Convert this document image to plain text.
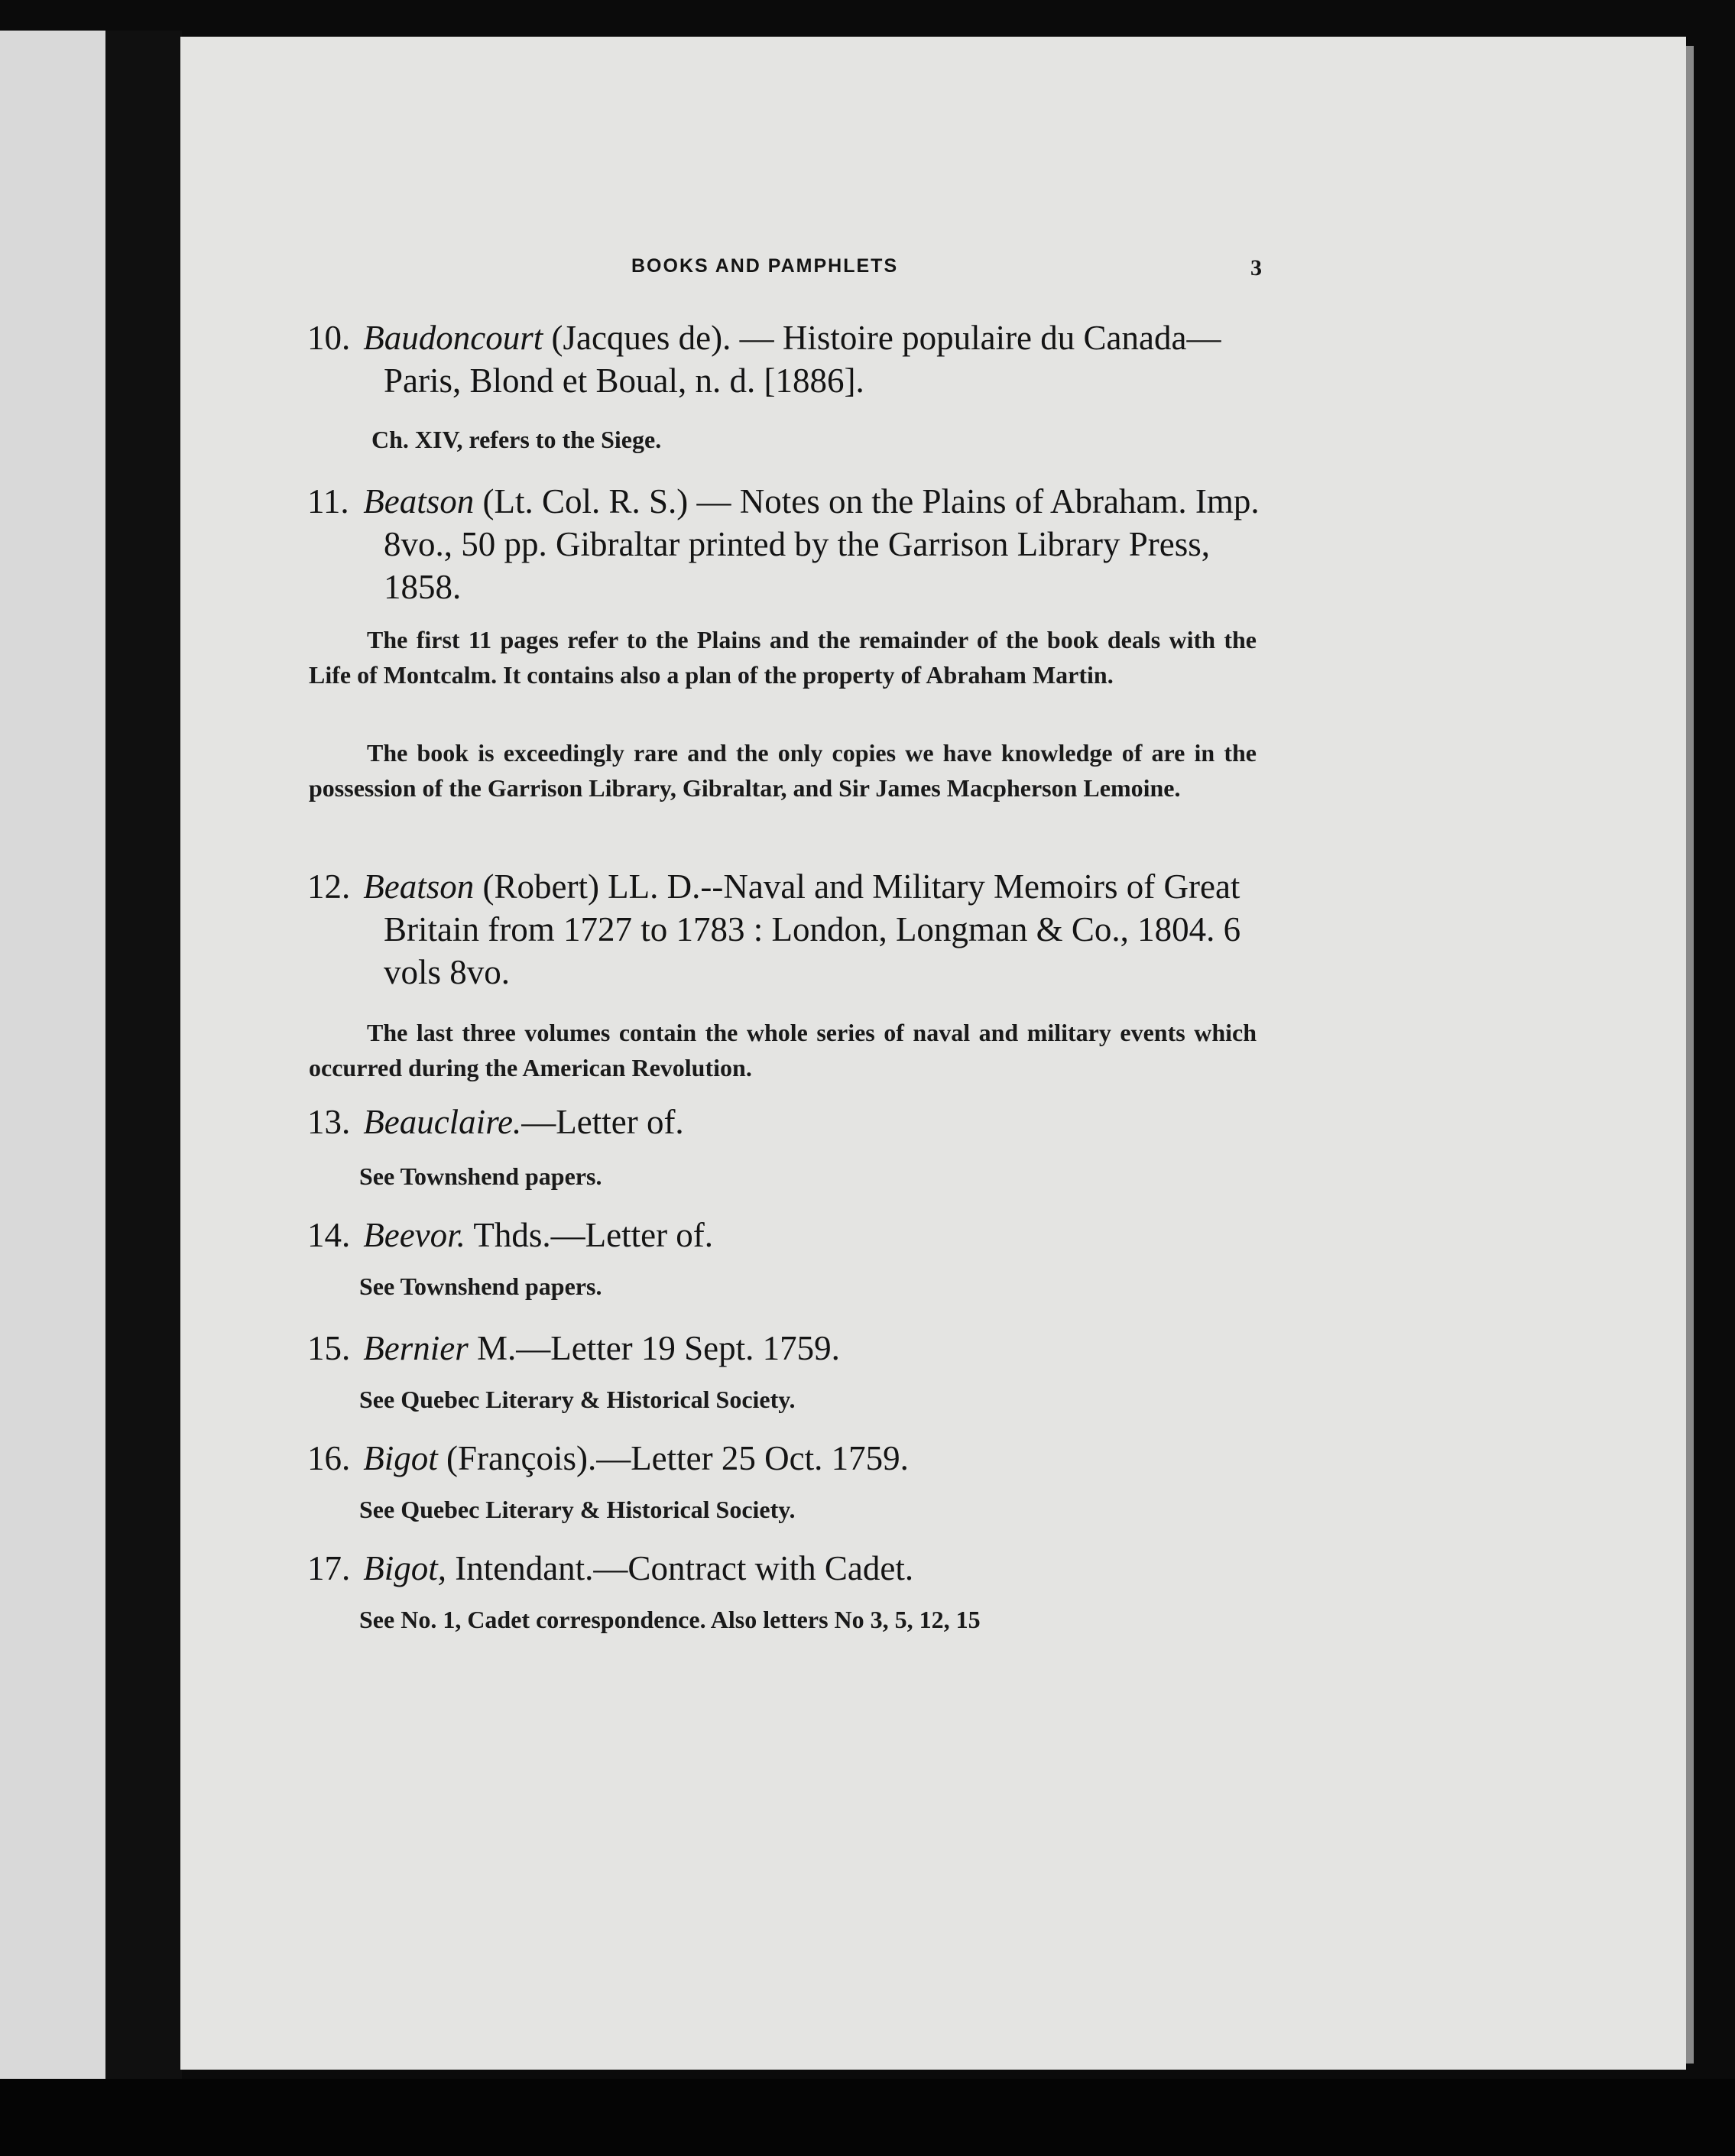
BOOKS AND PAMPHLETS	3
10. Baudoncourt (Jacques de). — Histoire populaire du Canada—Paris, Blond et Boual, n. d. [1886].
Ch. XIV, refers to the Siege.
11. Beatson (Lt. Col. R. S.) — Notes on the Plains of Abraham. Imp. 8vo., 50 pp. Gibraltar printed by the Garrison Library Press, 1858.
The first 11 pages refer to the Plains and the remainder of the book deals with the Life of Montcalm. It contains also a plan of the property of Abraham Martin.
The book is exceedingly rare and the only copies we have knowledge of are in the possession of the Garrison Library, Gibraltar, and Sir James Macpherson Lemoine.
12. Beatson (Robert) LL. D.--Naval and Military Memoirs of Great Britain from 1727 to 1783 : London, Longman & Co., 1804. 6 vols 8vo.
The last three volumes contain the whole series of naval and military events which occurred during the American Revolution.
13. Beauclaire.—Letter of.
See Townshend papers.
14. Beevor. Thds.—Letter of.
See Townshend papers.
15. Bernier M.—Letter 19 Sept. 1759.
See Quebec Literary & Historical Society.
16. Bigot (François).—Letter 25 Oct. 1759.
See Quebec Literary & Historical Society.
17. Bigot, Intendant.—Contract with Cadet.
See No. 1, Cadet correspondence. Also letters No 3, 5, 12, 15
